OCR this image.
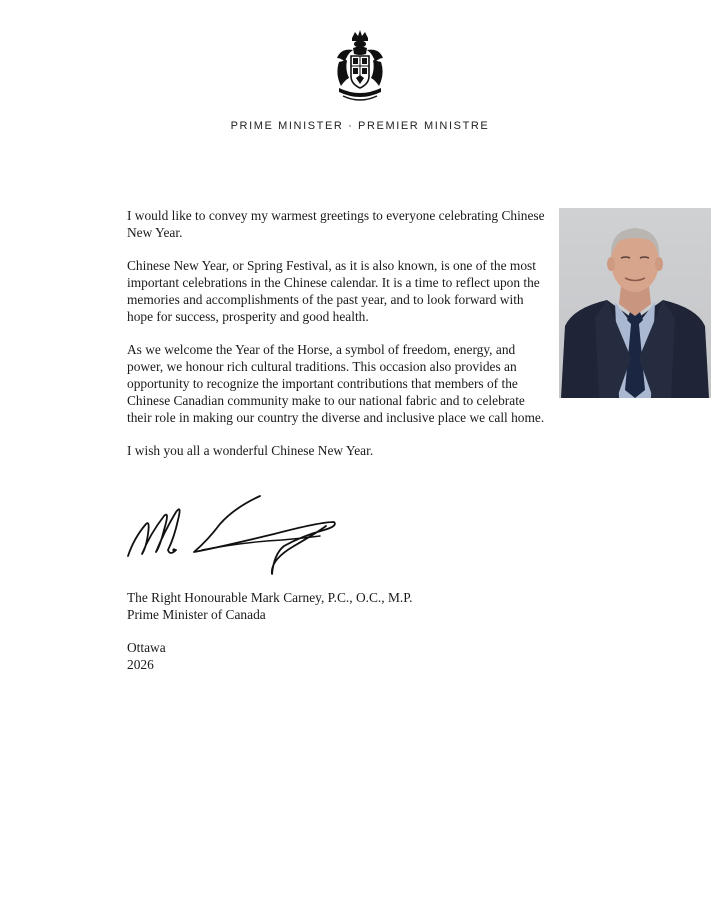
PRIME MINISTER · PREMIER MINISTRE

I would like to convey my warmest greetings to everyone celebrating Chinese New Year.

Chinese New Year, or Spring Festival, as it is also known, is one of the most important celebrations in the Chinese calendar. It is a time to reflect upon the memories and accomplishments of the past year, and to look forward with hope for success, prosperity and good health.

As we welcome the Year of the Horse, a symbol of freedom, energy, and power, we honour rich cultural traditions. This occasion also provides an opportunity to recognize the important contributions that members of the Chinese Canadian community make to our national fabric and to celebrate their role in making our country the diverse and inclusive place we call home.

I wish you all a wonderful Chinese New Year.

The Right Honourable Mark Carney, P.C., O.C., M.P.
Prime Minister of Canada
Ottawa
2026
